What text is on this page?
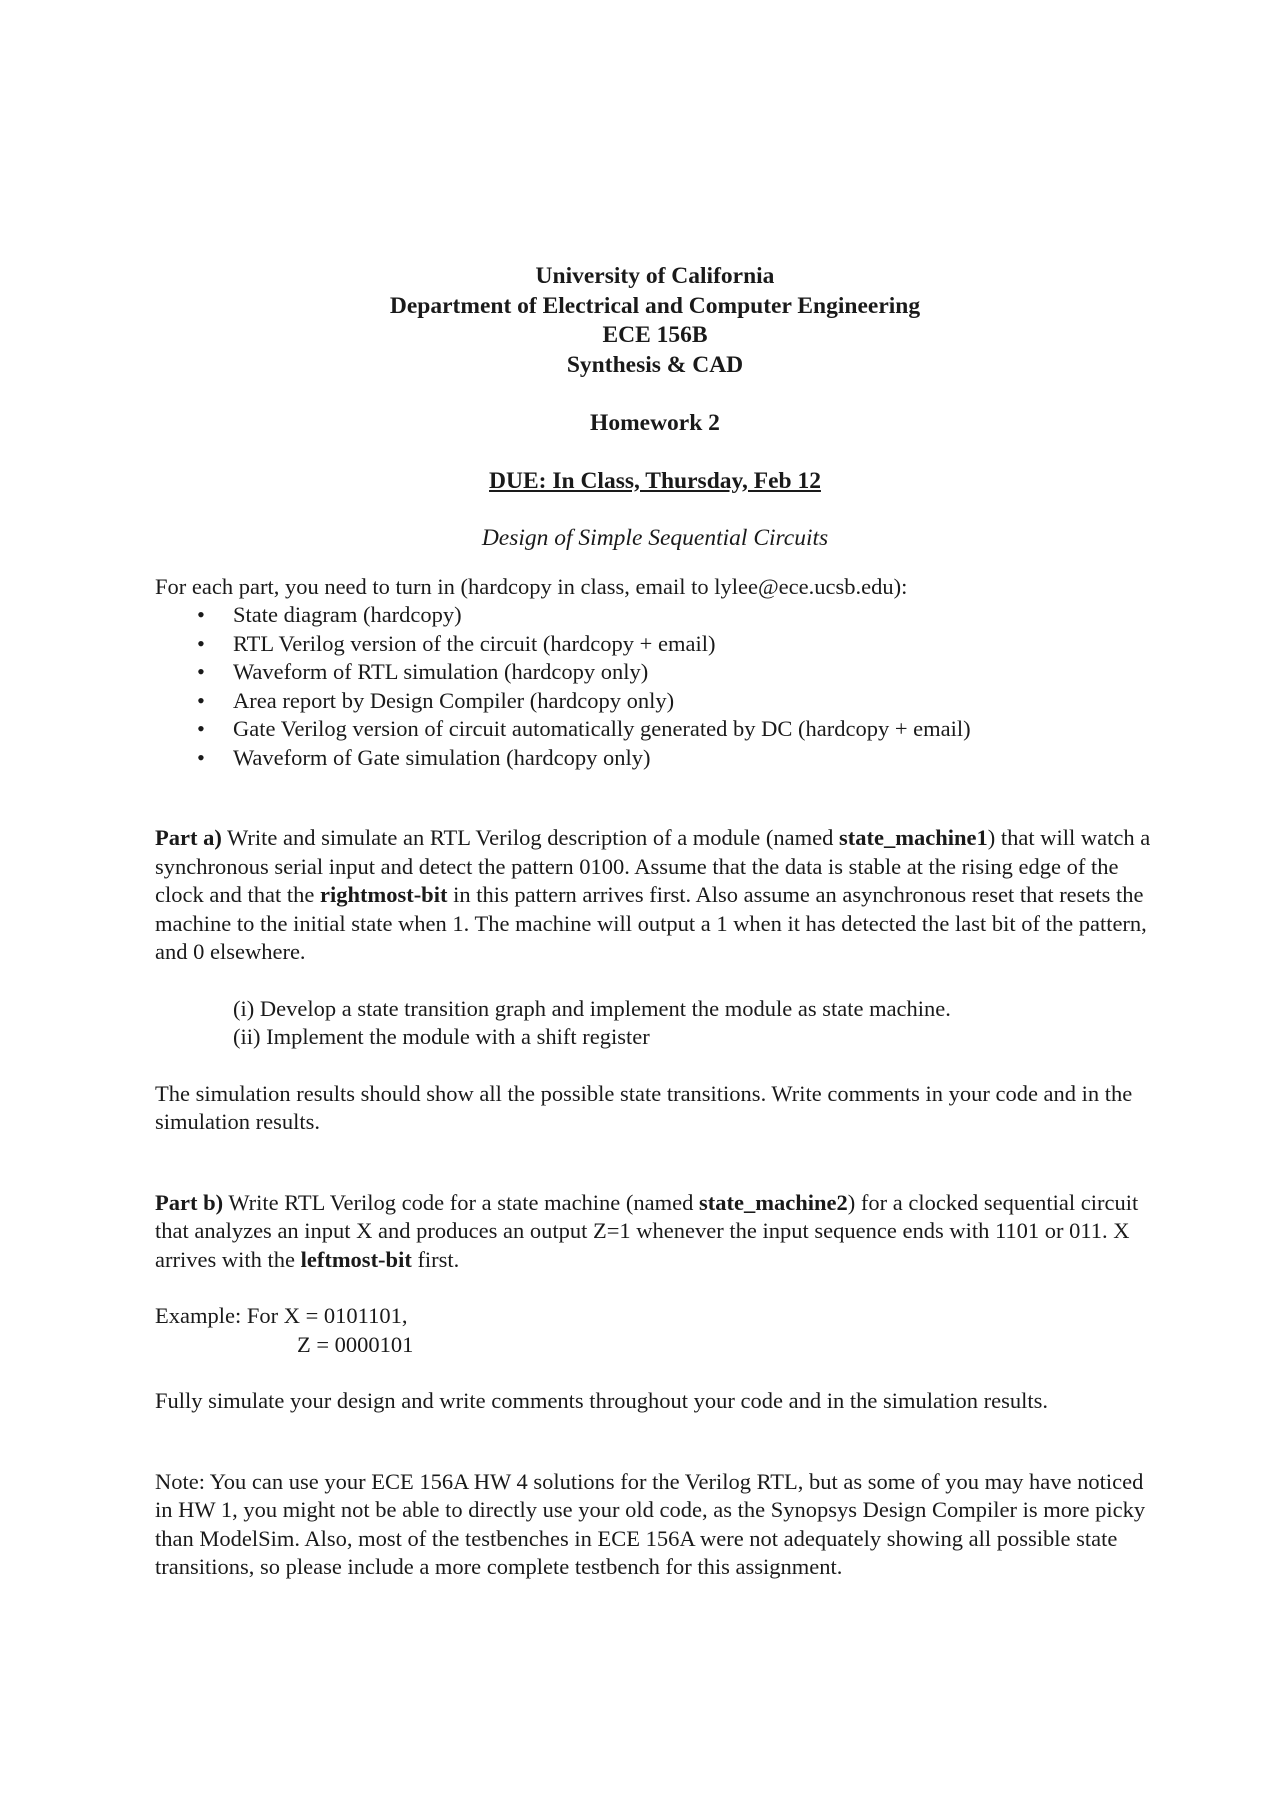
University of California
Department of Electrical and Computer Engineering
ECE 156B
Synthesis & CAD
Homework 2
DUE: In Class, Thursday, Feb 12
Design of Simple Sequential Circuits
For each part, you need to turn in (hardcopy in class, email to lylee@ece.ucsb.edu):
• State diagram (hardcopy)
• RTL Verilog version of the circuit (hardcopy + email)
• Waveform of RTL simulation (hardcopy only)
• Area report by Design Compiler (hardcopy only)
• Gate Verilog version of circuit automatically generated by DC (hardcopy + email)
• Waveform of Gate simulation (hardcopy only)

Part a) Write and simulate an RTL Verilog description of a module (named state_machine1) that will watch a synchronous serial input and detect the pattern 0100. Assume that the data is stable at the rising edge of the clock and that the rightmost-bit in this pattern arrives first. Also assume an asynchronous reset that resets the machine to the initial state when 1. The machine will output a 1 when it has detected the last bit of the pattern, and 0 elsewhere.

(i) Develop a state transition graph and implement the module as state machine.
(ii) Implement the module with a shift register

The simulation results should show all the possible state transitions. Write comments in your code and in the simulation results.

Part b) Write RTL Verilog code for a state machine (named state_machine2) for a clocked sequential circuit that analyzes an input X and produces an output Z=1 whenever the input sequence ends with 1101 or 011. X arrives with the leftmost-bit first.

Example: For X = 0101101,
Z = 0000101

Fully simulate your design and write comments throughout your code and in the simulation results.

Note: You can use your ECE 156A HW 4 solutions for the Verilog RTL, but as some of you may have noticed in HW 1, you might not be able to directly use your old code, as the Synopsys Design Compiler is more picky than ModelSim. Also, most of the testbenches in ECE 156A were not adequately showing all possible state transitions, so please include a more complete testbench for this assignment.
